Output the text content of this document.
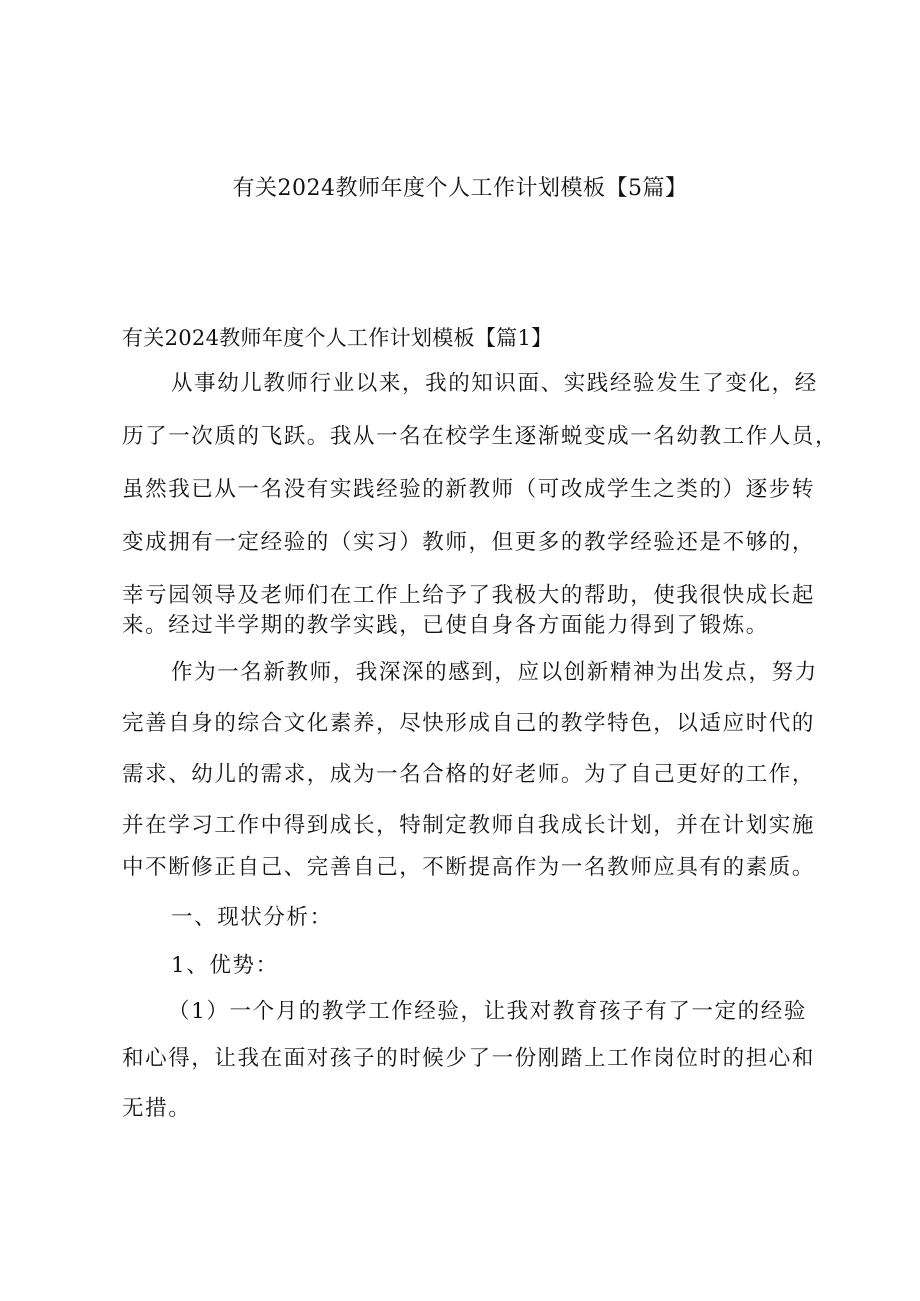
有关2024教师年度个人工作计划模板【5篇】
有关2024教师年度个人工作计划模板【篇1】
从事幼儿教师行业以来，我的知识面、实践经验发生了变化，经
历了一次质的飞跃。我从一名在校学生逐渐蜕变成一名幼教工作人员，
虽然我已从一名没有实践经验的新教师（可改成学生之类的）逐步转
变成拥有一定经验的（实习）教师，但更多的教学经验还是不够的，
幸亏园领导及老师们在工作上给予了我极大的帮助，使我很快成长起
来。经过半学期的教学实践，已使自身各方面能力得到了锻炼。
作为一名新教师，我深深的感到，应以创新精神为出发点，努力
完善自身的综合文化素养，尽快形成自己的教学特色，以适应时代的
需求、幼儿的需求，成为一名合格的好老师。为了自己更好的工作，
并在学习工作中得到成长，特制定教师自我成长计划，并在计划实施
中不断修正自己、完善自己，不断提高作为一名教师应具有的素质。
一、现状分析：
1、优势：
（1）一个月的教学工作经验，让我对教育孩子有了一定的经验
和心得，让我在面对孩子的时候少了一份刚踏上工作岗位时的担心和
无措。
